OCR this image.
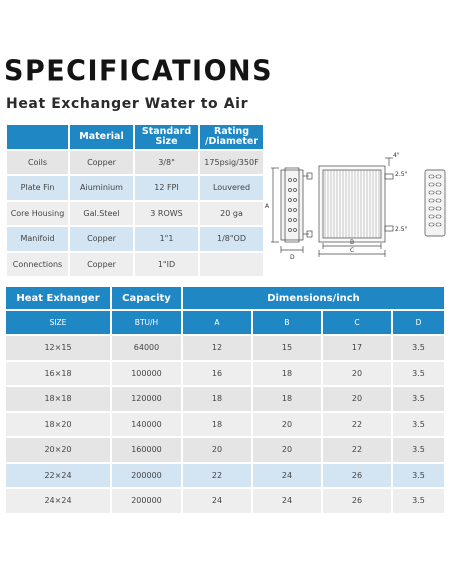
SPECIFICATIONS
Heat Exchanger Water to Air
	Material	Standard Size	Rating /Diameter
Coils	Copper	3/8"	175psig/350F
Plate Fin	Aiuminium	12 FPI	Louvered
Core Housing	Gal.Steel	3 ROWS	20 ga
Manifoid	Copper	1"1	1/8"OD
Connections	Copper	1"ID	
A
D
B
C
4"
2.5"
2.5"
Heat Exhanger	Capacity	Dimensions/inch			
SIZE	BTU/H	A	B	C	D
12×15	64000	12	15	17	3.5
16×18	100000	16	18	20	3.5
18×18	120000	18	18	20	3.5
18×20	140000	18	20	22	3.5
20×20	160000	20	20	22	3.5
22×24	200000	22	24	26	3.5
24×24	200000	24	24	26	3.5
